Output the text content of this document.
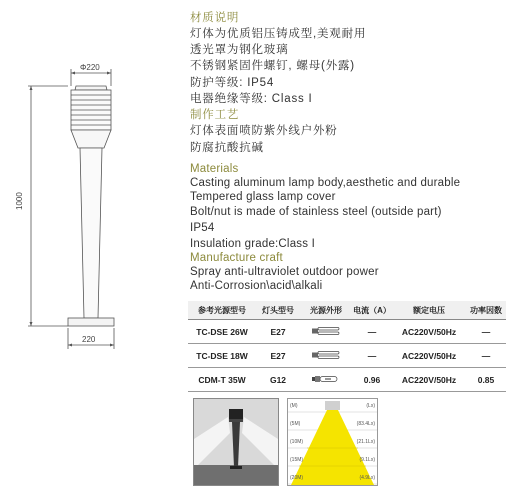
Φ220
1000
220
材质说明
灯体为优质铝压铸成型,美观耐用
透光罩为钢化玻璃
不锈钢紧固件螺钉, 螺母(外露)
防护等级: IP54
电器绝缘等级: Class I
制作工艺
灯体表面喷防紫外线户外粉
防腐抗酸抗碱
Materials
Casting aluminum lamp body,aesthetic and durable
Tempered glass lamp cover
Bolt/nut is made of stainless steel (outside part)
IP54
Insulation grade:Class I
Manufacture craft
Spray anti-ultraviolet outdoor power
Anti-Corrosion\acid\alkali
参考光源型号	灯头型号	光源外形	电流（A）	额定电压	功率因数
TC-DSE 26W	E27		—	AC220V/50Hz	—
TC-DSE 18W	E27		—	AC220V/50Hz	—
CDM-T 35W	G12		0.96	AC220V/50Hz	0.85
(M)	(Lx)
(5M)	(83.4Lx)
(10M)	(21.1Lx)
(15M)	(9.1Lx)
(20M)	(4.9Lx)
